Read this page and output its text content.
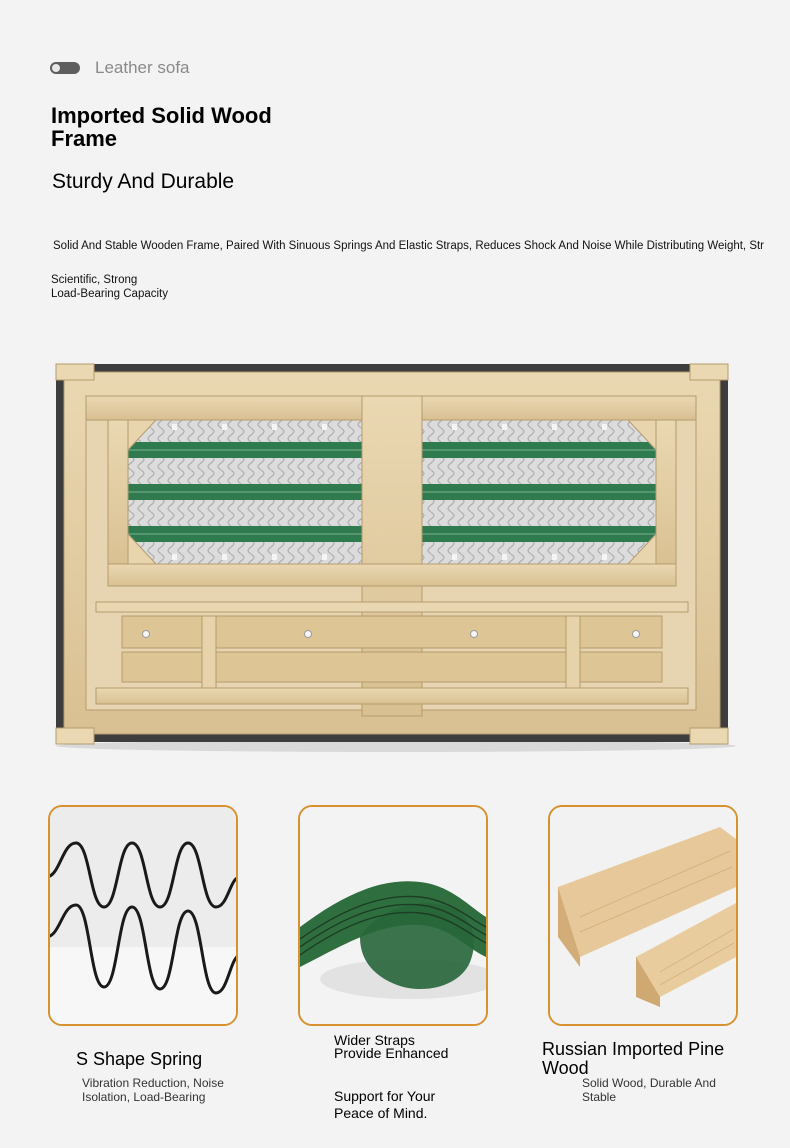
Leather sofa
Imported Solid Wood Frame
Sturdy And Durable
Solid And Stable Wooden Frame, Paired With Sinuous Springs And Elastic Straps, Reduces Shock And Noise While Distributing Weight, Str
Scientific, Strong
Load-Bearing Capacity
S Shape Spring
Vibration Reduction, Noise Isolation, Load-Bearing
Wider Straps Provide Enhanced
Support for Your Peace of Mind.
Russian Imported Pine Wood
Solid Wood, Durable And Stable
